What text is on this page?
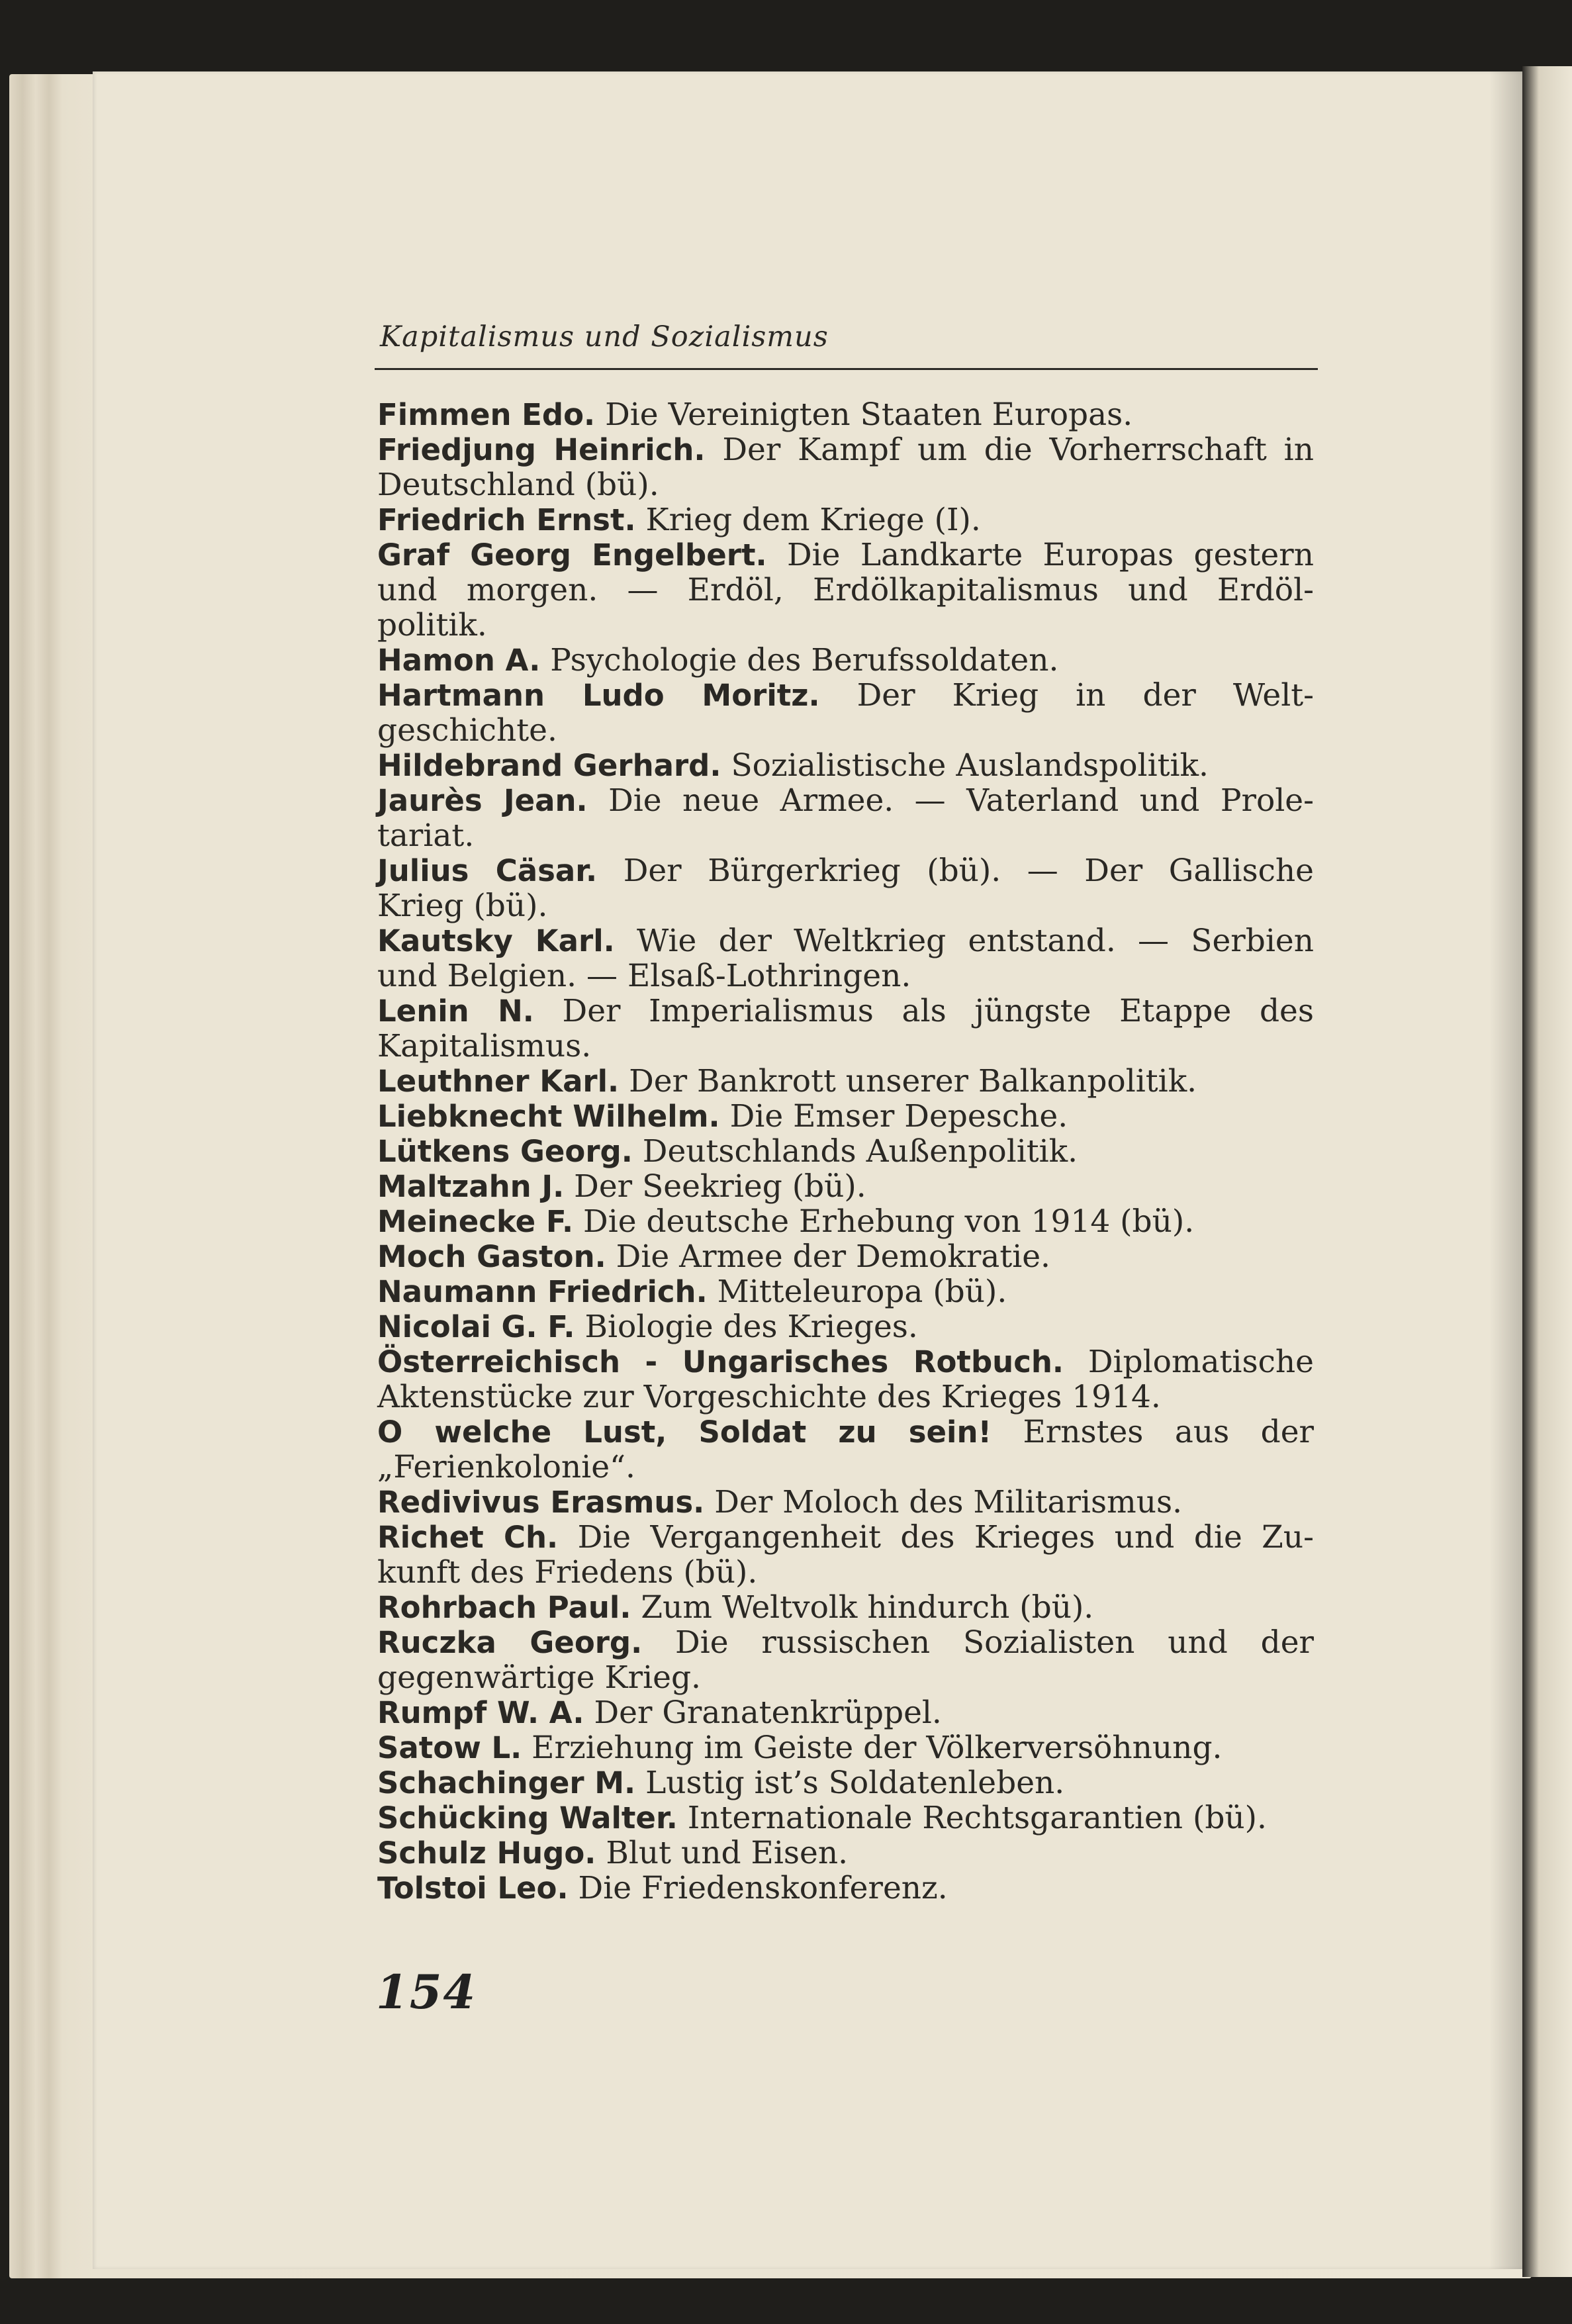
Kapitalismus und Sozialismus
Fimmen Edo. Die Vereinigten Staaten Europas.
Friedjung Heinrich. Der Kampf um die Vorherrschaft in
Deutschland (bü).
Friedrich Ernst. Krieg dem Kriege (I).
Graf Georg Engelbert. Die Landkarte Europas gestern
und morgen. — Erdöl, Erdölkapitalismus und Erdöl-
politik.
Hamon A. Psychologie des Berufssoldaten.
Hartmann Ludo Moritz. Der Krieg in der Welt-
geschichte.
Hildebrand Gerhard. Sozialistische Auslandspolitik.
Jaurès Jean. Die neue Armee. — Vaterland und Prole-
tariat.
Julius Cäsar. Der Bürgerkrieg (bü). — Der Gallische
Krieg (bü).
Kautsky Karl. Wie der Weltkrieg entstand. — Serbien
und Belgien. — Elsaß-Lothringen.
Lenin N. Der Imperialismus als jüngste Etappe des
Kapitalismus.
Leuthner Karl. Der Bankrott unserer Balkanpolitik.
Liebknecht Wilhelm. Die Emser Depesche.
Lütkens Georg. Deutschlands Außenpolitik.
Maltzahn J. Der Seekrieg (bü).
Meinecke F. Die deutsche Erhebung von 1914 (bü).
Moch Gaston. Die Armee der Demokratie.
Naumann Friedrich. Mitteleuropa (bü).
Nicolai G. F. Biologie des Krieges.
Österreichisch - Ungarisches Rotbuch. Diplomatische
Aktenstücke zur Vorgeschichte des Krieges 1914.
O welche Lust, Soldat zu sein! Ernstes aus der
„Ferienkolonie“.
Redivivus Erasmus. Der Moloch des Militarismus.
Richet Ch. Die Vergangenheit des Krieges und die Zu-
kunft des Friedens (bü).
Rohrbach Paul. Zum Weltvolk hindurch (bü).
Ruczka Georg. Die russischen Sozialisten und der
gegenwärtige Krieg.
Rumpf W. A. Der Granatenkrüppel.
Satow L. Erziehung im Geiste der Völkerversöhnung.
Schachinger M. Lustig ist’s Soldatenleben.
Schücking Walter. Internationale Rechtsgarantien (bü).
Schulz Hugo. Blut und Eisen.
Tolstoi Leo. Die Friedenskonferenz.
154
